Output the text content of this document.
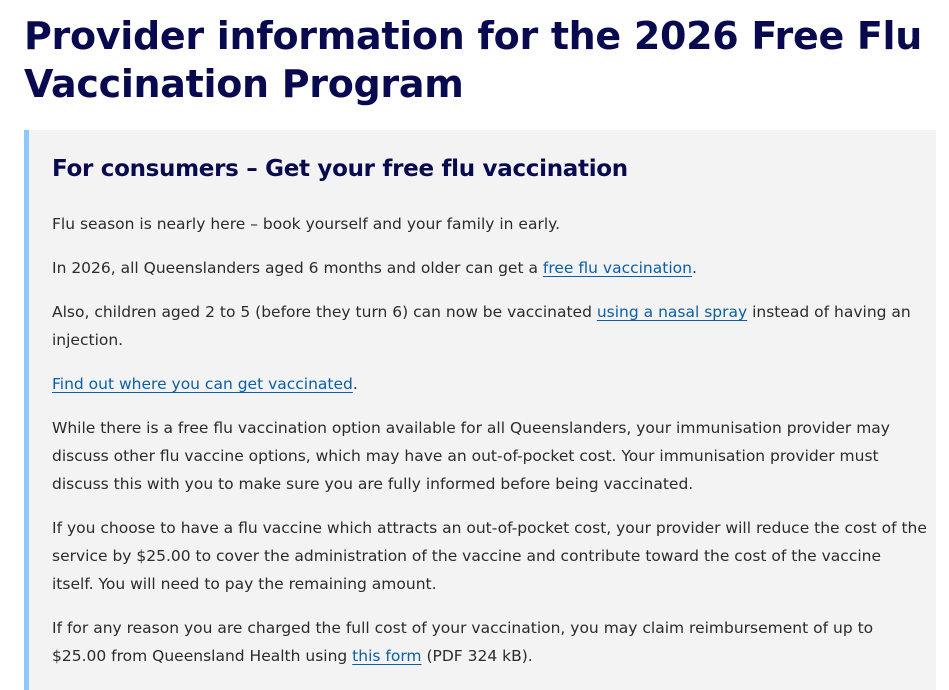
Provider information for the 2026 Free Flu Vaccination Program
For consumers – Get your free flu vaccination

Flu season is nearly here – book yourself and your family in early.

In 2026, all Queenslanders aged 6 months and older can get a free flu vaccination.

Also, children aged 2 to 5 (before they turn 6) can now be vaccinated using a nasal spray instead of having an injection.

Find out where you can get vaccinated.

While there is a free flu vaccination option available for all Queenslanders, your immunisation provider may discuss other flu vaccine options, which may have an out-of-pocket cost. Your immunisation provider must discuss this with you to make sure you are fully informed before being vaccinated.

If you choose to have a flu vaccine which attracts an out-of-pocket cost, your provider will reduce the cost of the service by $25.00 to cover the administration of the vaccine and contribute toward the cost of the vaccine itself. You will need to pay the remaining amount.

If for any reason you are charged the full cost of your vaccination, you may claim reimbursement of up to $25.00 from Queensland Health using this form (PDF 324 kB).
